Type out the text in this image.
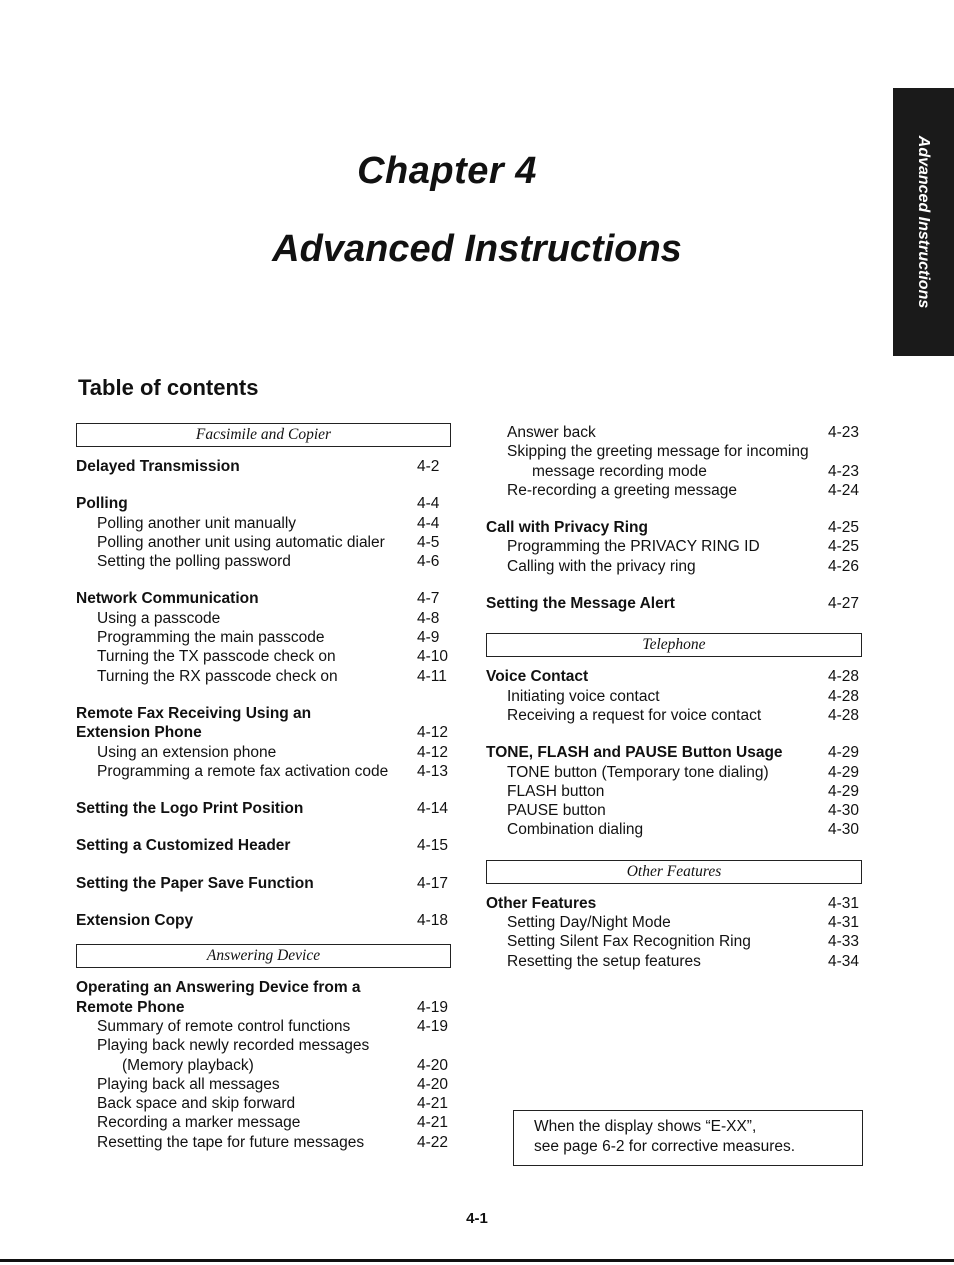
Advanced Instructions
Chapter 4
Advanced Instructions
Table of contents
Facsimile and Copier
Delayed Transmission	4-2
Polling	4-4
Polling another unit manually	4-4
Polling another unit using automatic dialer 4-5
Setting the polling password	4-6
Network Communication	4-7
Using a passcode	4-8
Programming the main passcode	4-9
Turning the TX passcode check on	4-10
Turning the RX passcode check on	4-11
Remote Fax Receiving Using an
Extension Phone	4-12
Using an extension phone	4-12
Programming a remote fax activation code 4-13
Setting the Logo Print Position	4-14
Setting a Customized Header	4-15
Setting the Paper Save Function	4-17
Extension Copy	4-18
Answering Device
Operating an Answering Device from a
Remote Phone	4-19
Summary of remote control functions	4-19
Playing back newly recorded messages
(Memory playback)	4-20
Playing back all messages	4-20
Back space and skip forward	4-21
Recording a marker message	4-21
Resetting the tape for future messages	4-22
Answer back	4-23
Skipping the greeting message for incoming
message recording mode	4-23
Re-recording a greeting message	4-24
Call with Privacy Ring	4-25
Programming the PRIVACY RING ID	4-25
Calling with the privacy ring	4-26
Setting the Message Alert	4-27
Telephone
Voice Contact	4-28
Initiating voice contact	4-28
Receiving a request for voice contact	4-28
TONE, FLASH and PAUSE Button Usage	4-29
TONE button (Temporary tone dialing)	4-29
FLASH button	4-29
PAUSE button	4-30
Combination dialing	4-30
Other Features
Other Features	4-31
Setting Day/Night Mode	4-31
Setting Silent Fax Recognition Ring	4-33
Resetting the setup features	4-34
When the display shows “E-XX”,
see page 6-2 for corrective measures.
4-1
